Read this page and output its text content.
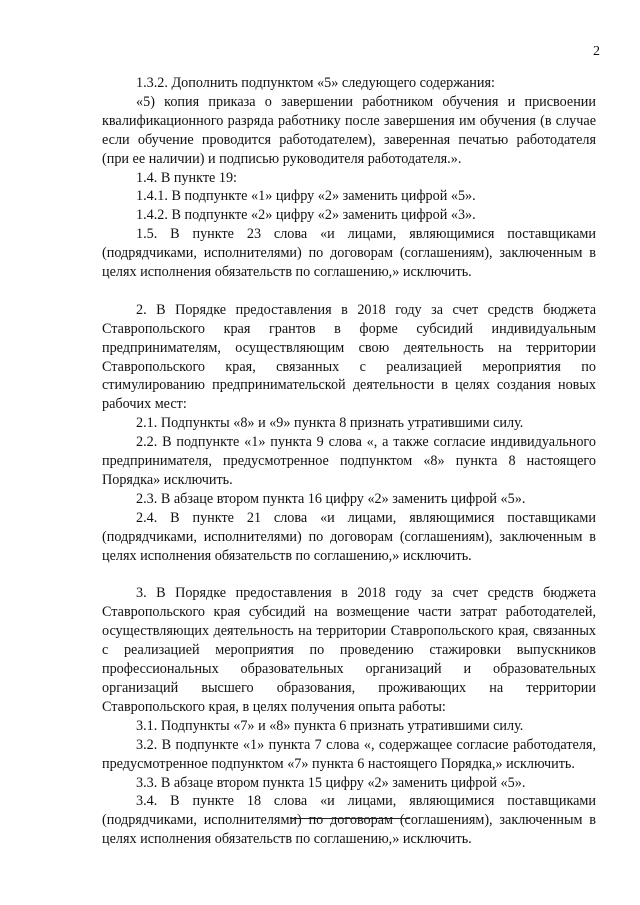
2

1.3.2. Дополнить подпунктом «5» следующего содержания:

«5) копия приказа о завершении работником обучения и присвоении квалификационного разряда работнику после завершения им обучения (в случае если обучение проводится работодателем), заверенная печатью работодателя (при ее наличии) и подписью руководителя работодателя.».

1.4. В пункте 19:

1.4.1. В подпункте «1» цифру «2» заменить цифрой «5».

1.4.2. В подпункте «2» цифру «2» заменить цифрой «3».

1.5. В пункте 23 слова «и лицами, являющимися поставщиками (подрядчиками, исполнителями) по договорам (соглашениям), заключенным в целях исполнения обязательств по соглашению,» исключить.

2. В Порядке предоставления в 2018 году за счет средств бюджета Ставропольского края грантов в форме субсидий индивидуальным предпринимателям, осуществляющим свою деятельность на территории Ставропольского края, связанных с реализацией мероприятия по стимулированию предпринимательской деятельности в целях создания новых рабочих мест:

2.1. Подпункты «8» и «9» пункта 8 признать утратившими силу.

2.2. В подпункте «1» пункта 9 слова «, а также согласие индивидуального предпринимателя, предусмотренное подпунктом «8» пункта 8 настоящего Порядка» исключить.

2.3. В абзаце втором пункта 16 цифру «2» заменить цифрой «5».

2.4. В пункте 21 слова «и лицами, являющимися поставщиками (подрядчиками, исполнителями) по договорам (соглашениям), заключенным в целях исполнения обязательств по соглашению,» исключить.

3. В Порядке предоставления в 2018 году за счет средств бюджета Ставропольского края субсидий на возмещение части затрат работодателей, осуществляющих деятельность на территории Ставропольского края, связанных с реализацией мероприятия по проведению стажировки выпускников профессиональных образовательных организаций и образовательных организаций высшего образования, проживающих на территории Ставропольского края, в целях получения опыта работы:

3.1. Подпункты «7» и «8» пункта 6 признать утратившими силу.

3.2. В подпункте «1» пункта 7 слова «, содержащее согласие работодателя, предусмотренное подпунктом «7» пункта 6 настоящего Порядка,» исключить.

3.3. В абзаце втором пункта 15 цифру «2» заменить цифрой «5».

3.4. В пункте 18 слова «и лицами, являющимися поставщиками (подрядчиками, исполнителями) по договорам (соглашениям), заключенным в целях исполнения обязательств по соглашению,» исключить.
